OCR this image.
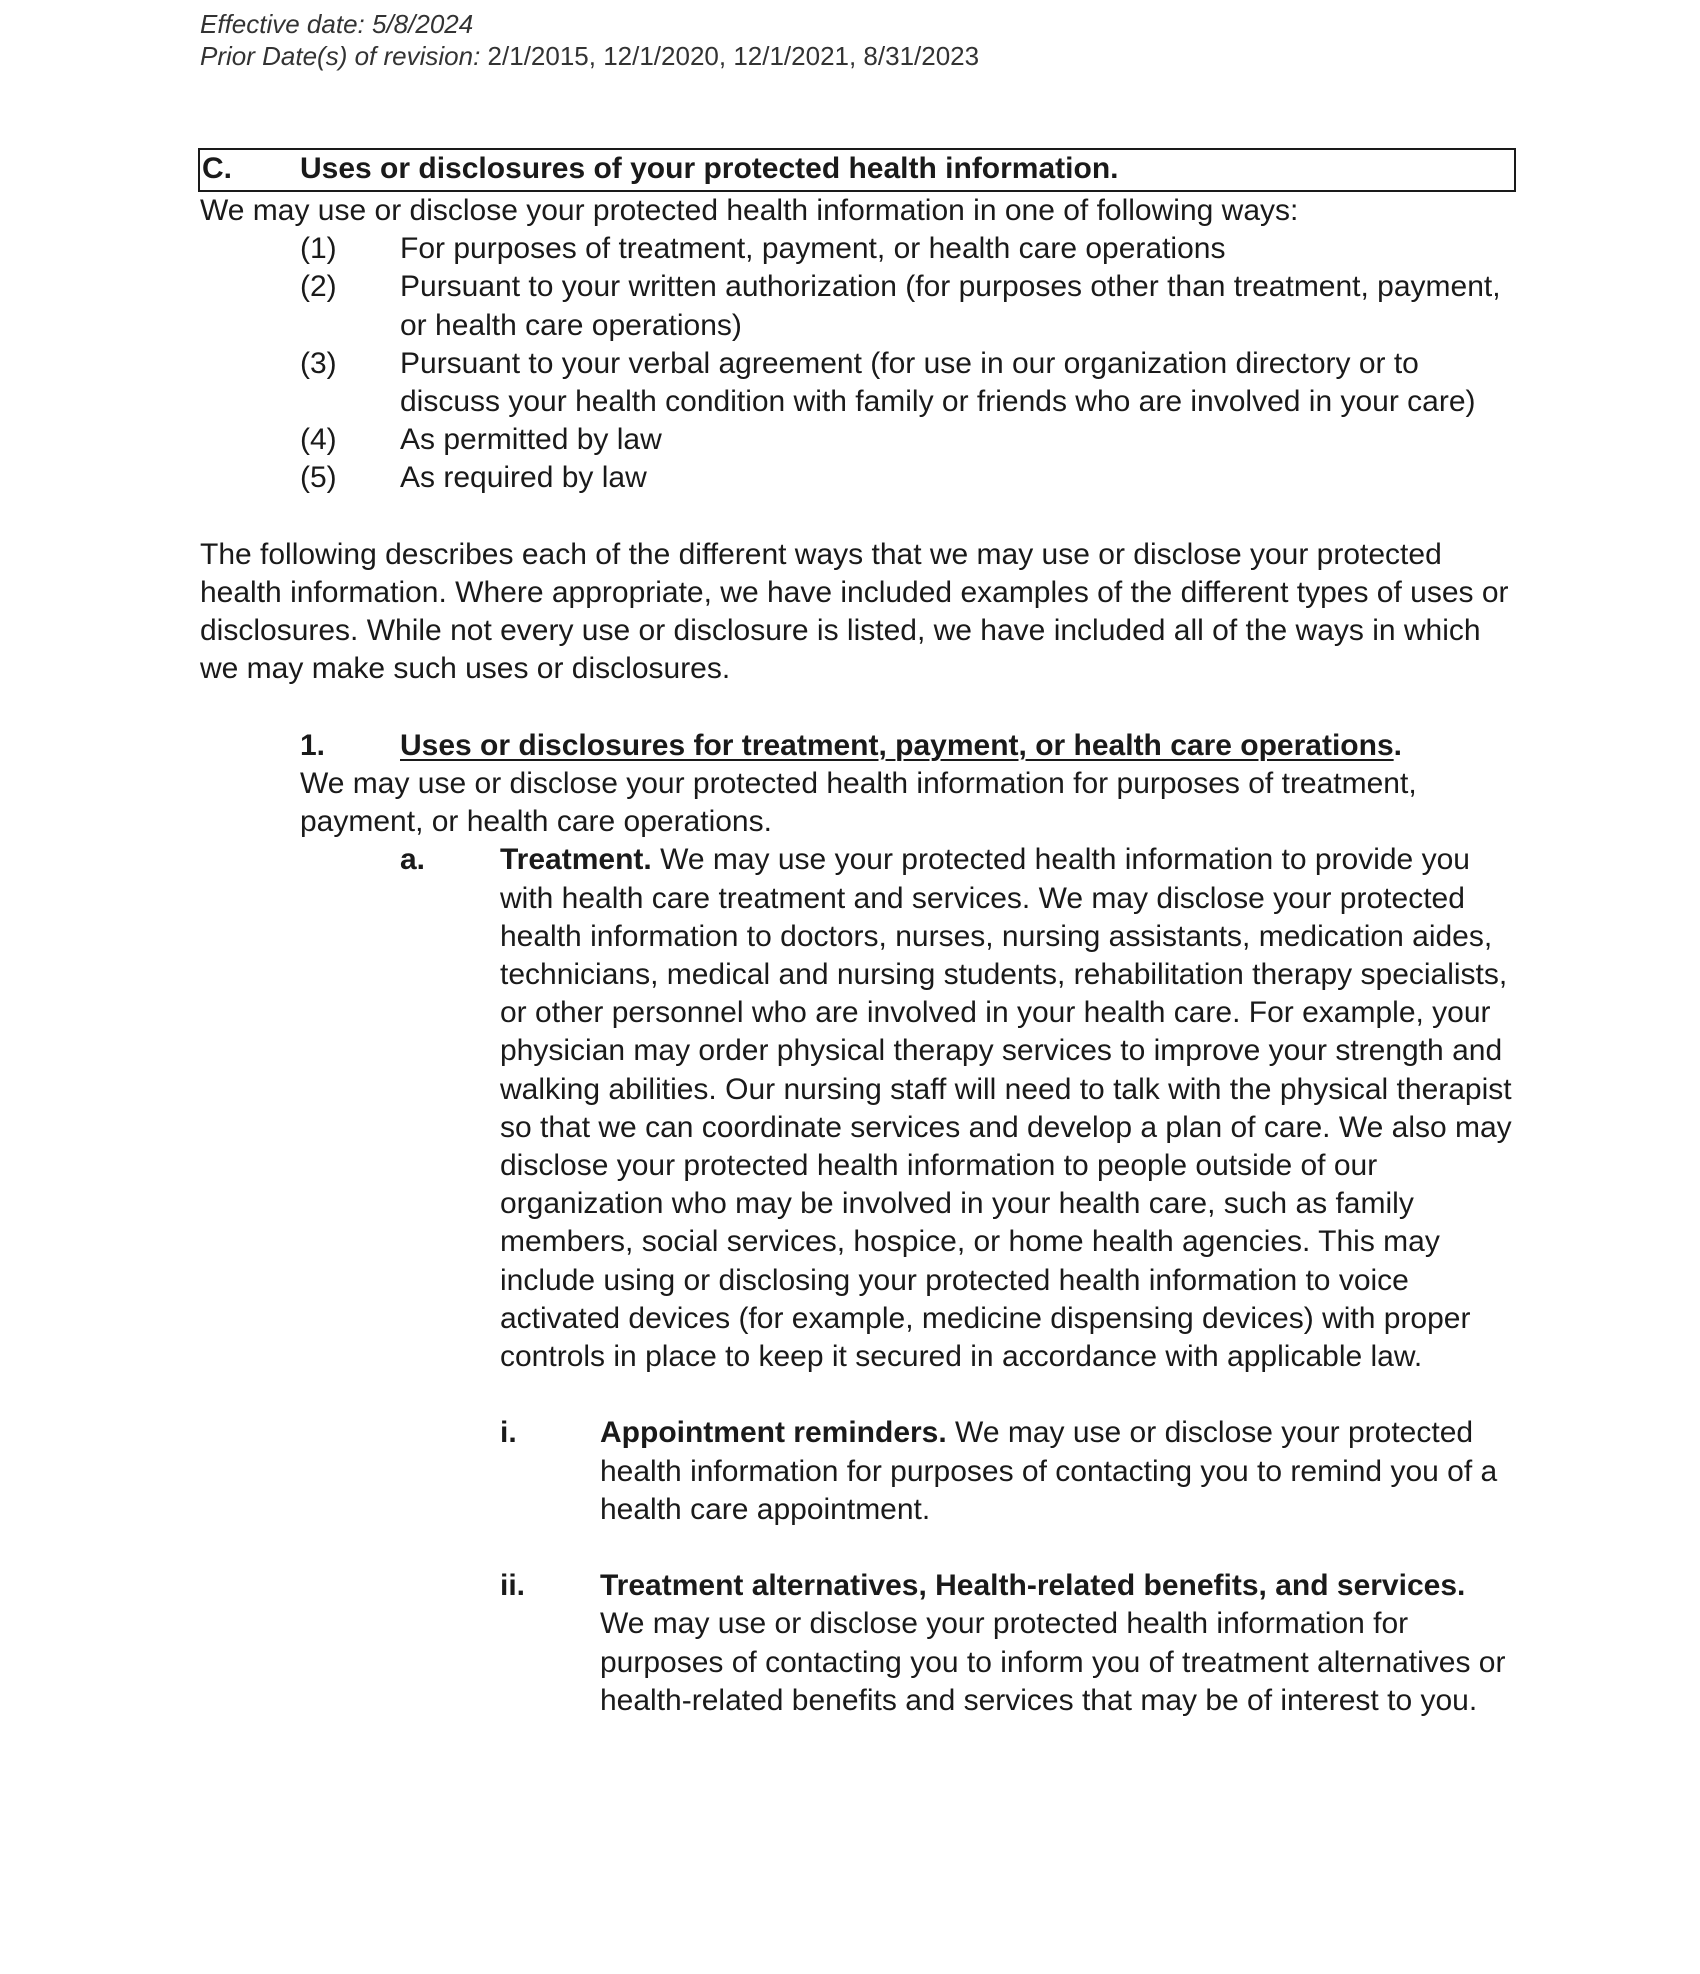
Effective date: 5/8/2024
Prior Date(s) of revision: 2/1/2015, 12/1/2020, 12/1/2021, 8/31/2023
C. Uses or disclosures of your protected health information.

We may use or disclose your protected health information in one of following ways:

(1)	For purposes of treatment, payment, or health care operations
(2)	Pursuant to your written authorization (for purposes other than treatment, payment, or health care operations)
(3)	Pursuant to your verbal agreement (for use in our organization directory or to discuss your health condition with family or friends who are involved in your care)
(4)	As permitted by law
(5)	As required by law

The following describes each of the different ways that we may use or disclose your protected health information. Where appropriate, we have included examples of the different types of uses or disclosures. While not every use or disclosure is listed, we have included all of the ways in which we may make such uses or disclosures.

1.	Uses or disclosures for treatment, payment, or health care operations.

We may use or disclose your protected health information for purposes of treatment, payment, or health care operations.

a.	Treatment. We may use your protected health information to provide you with health care treatment and services. We may disclose your protected health information to doctors, nurses, nursing assistants, medication aides, technicians, medical and nursing students, rehabilitation therapy specialists, or other personnel who are involved in your health care. For example, your physician may order physical therapy services to improve your strength and walking abilities. Our nursing staff will need to talk with the physical therapist so that we can coordinate services and develop a plan of care. We also may disclose your protected health information to people outside of our organization who may be involved in your health care, such as family members, social services, hospice, or home health agencies. This may include using or disclosing your protected health information to voice activated devices (for example, medicine dispensing devices) with proper controls in place to keep it secured in accordance with applicable law.
i.	Appointment reminders. We may use or disclose your protected health information for purposes of contacting you to remind you of a health care appointment.
ii.	Treatment alternatives, Health-related benefits, and services.  We may use or disclose your protected health information for purposes of contacting you to inform you of treatment alternatives or health-related benefits and services that may be of interest to you.
